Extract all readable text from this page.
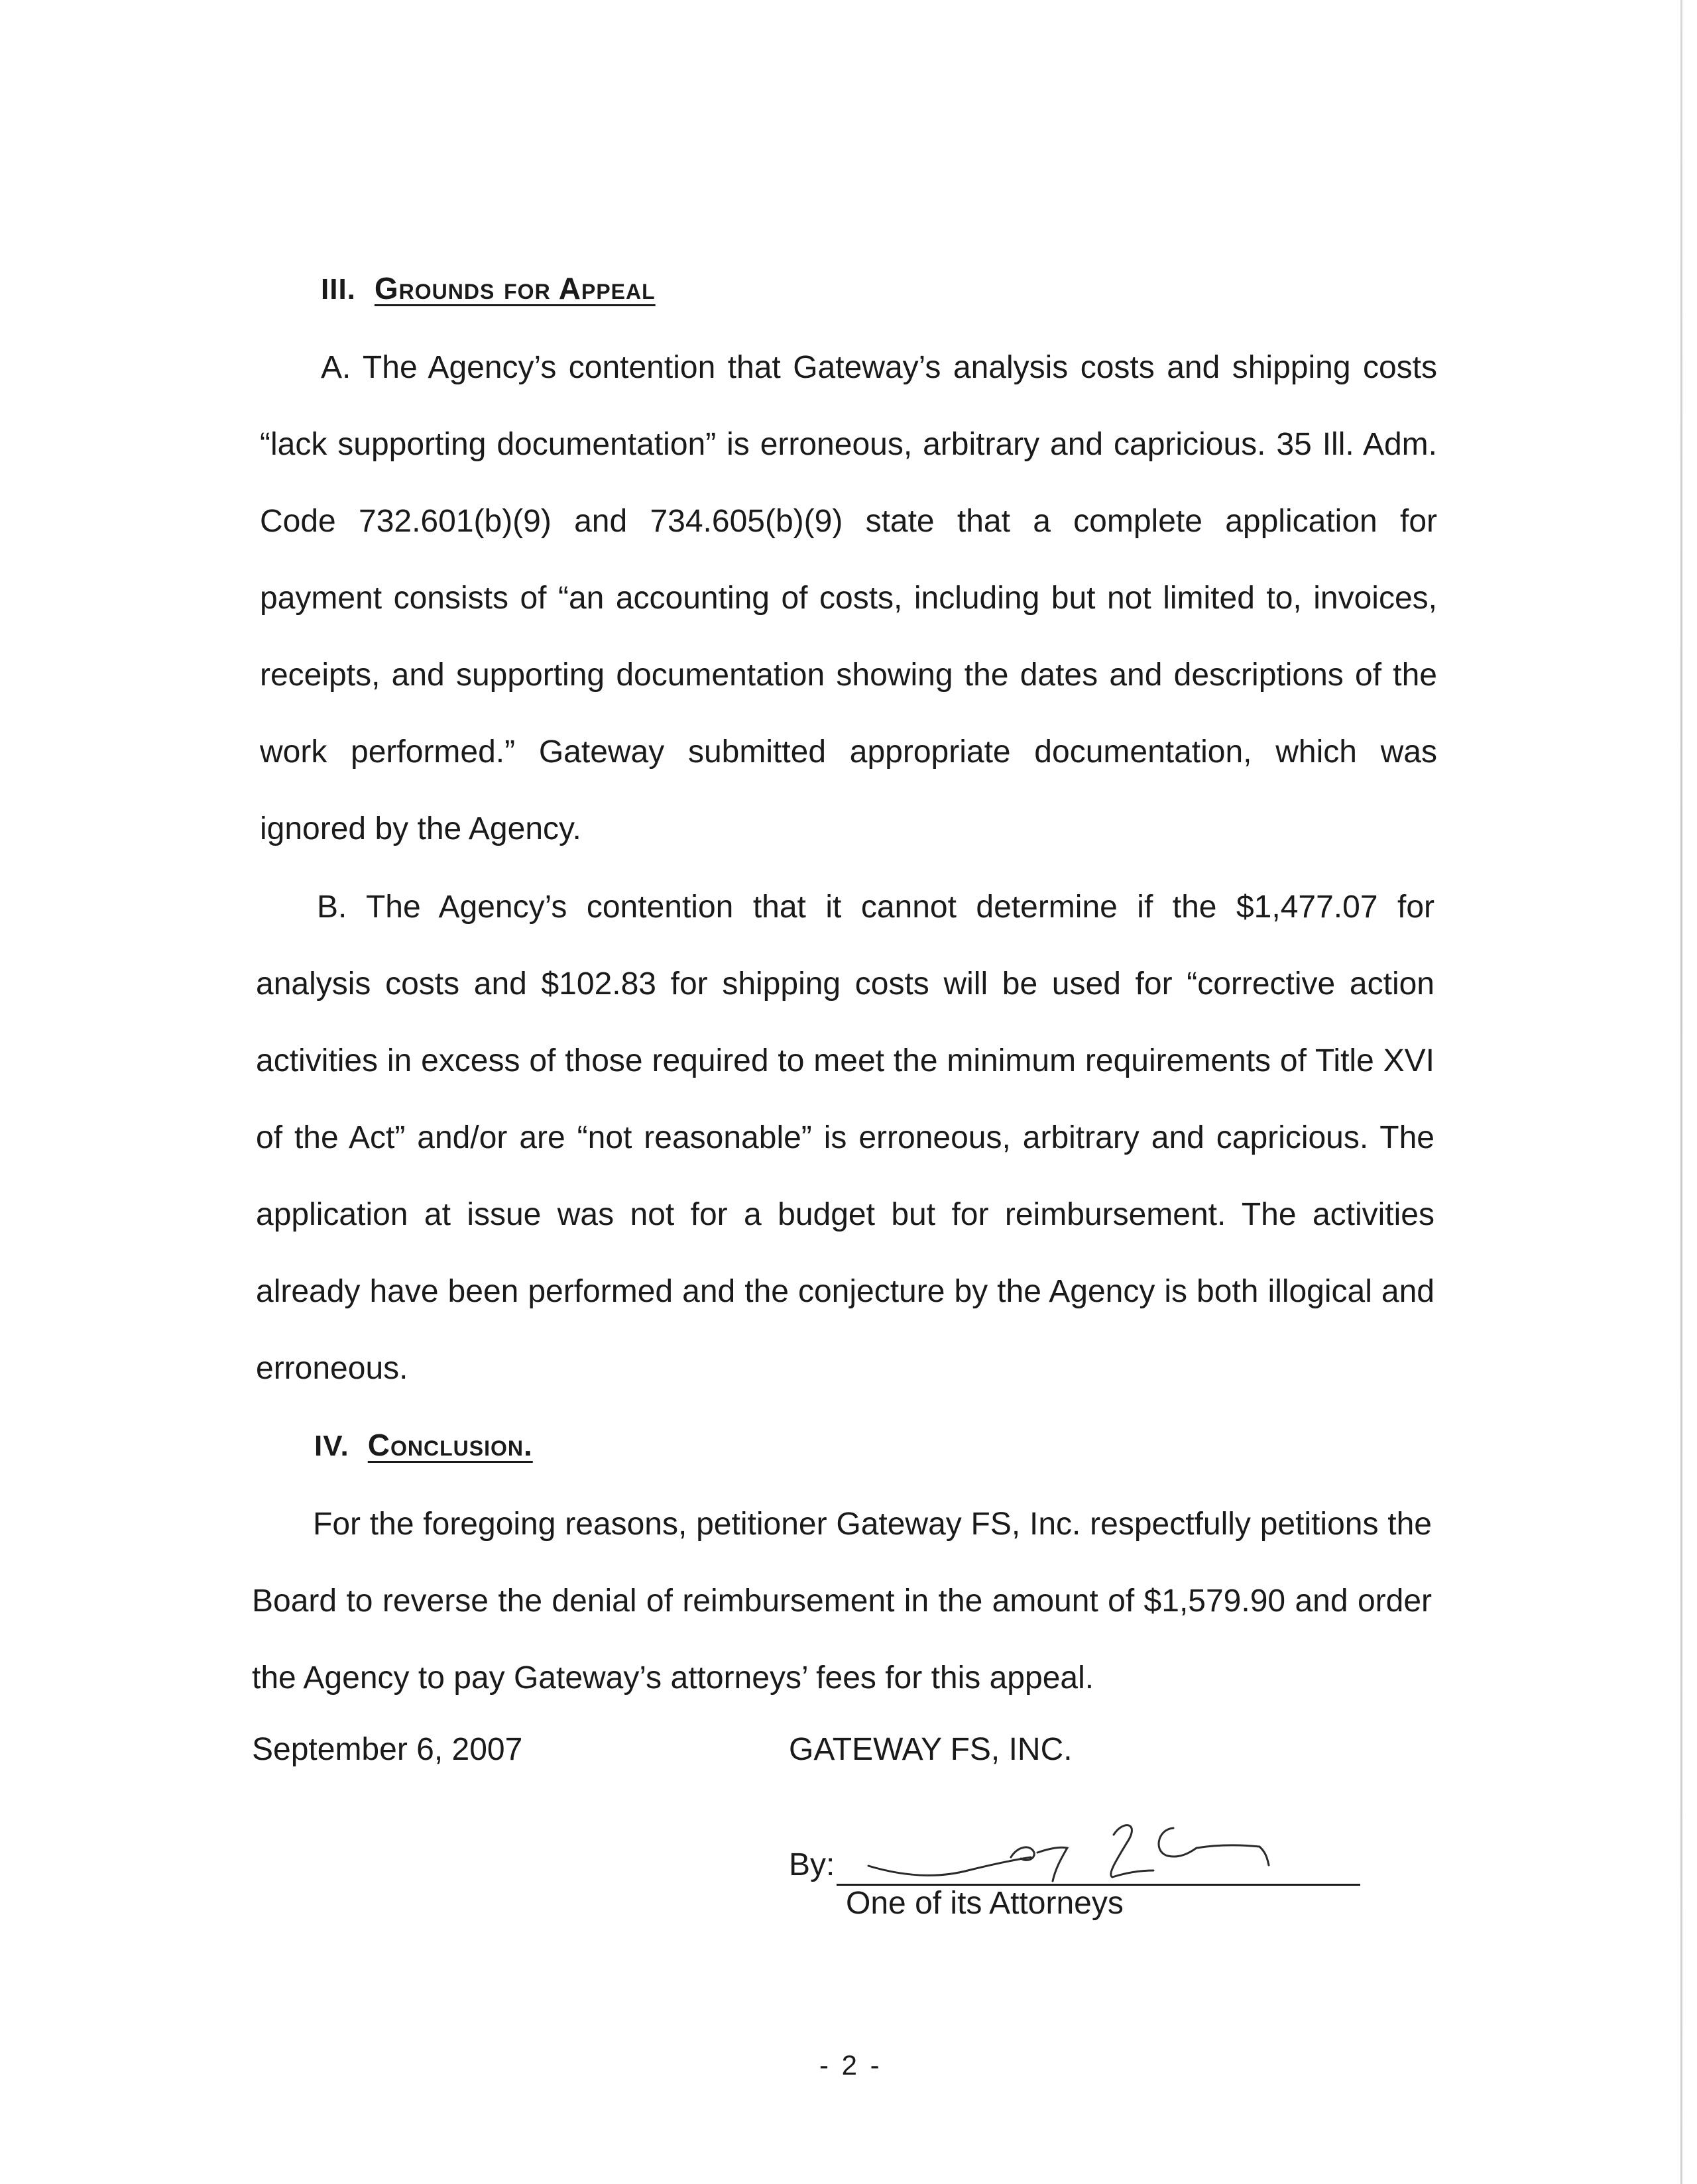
III. Grounds for Appeal
A. The Agency’s contention that Gateway’s analysis costs and shipping costs “lack supporting documentation” is erroneous, arbitrary and capricious. 35 Ill. Adm. Code 732.601(b)(9) and 734.605(b)(9) state that a complete application for payment consists of “an accounting of costs, including but not limited to, invoices, receipts, and supporting documentation showing the dates and descriptions of the work performed.” Gateway submitted appropriate documentation, which was ignored by the Agency.
B. The Agency’s contention that it cannot determine if the $1,477.07 for analysis costs and $102.83 for shipping costs will be used for “corrective action activities in excess of those required to meet the minimum requirements of Title XVI of the Act” and/or are “not reasonable” is erroneous, arbitrary and capricious. The application at issue was not for a budget but for reimbursement. The activities already have been performed and the conjecture by the Agency is both illogical and erroneous.
IV. Conclusion.
For the foregoing reasons, petitioner Gateway FS, Inc. respectfully petitions the Board to reverse the denial of reimbursement in the amount of $1,579.90 and order the Agency to pay Gateway’s attorneys’ fees for this appeal.
September 6, 2007	GATEWAY FS, INC.
By:
One of its Attorneys
- 2 -
